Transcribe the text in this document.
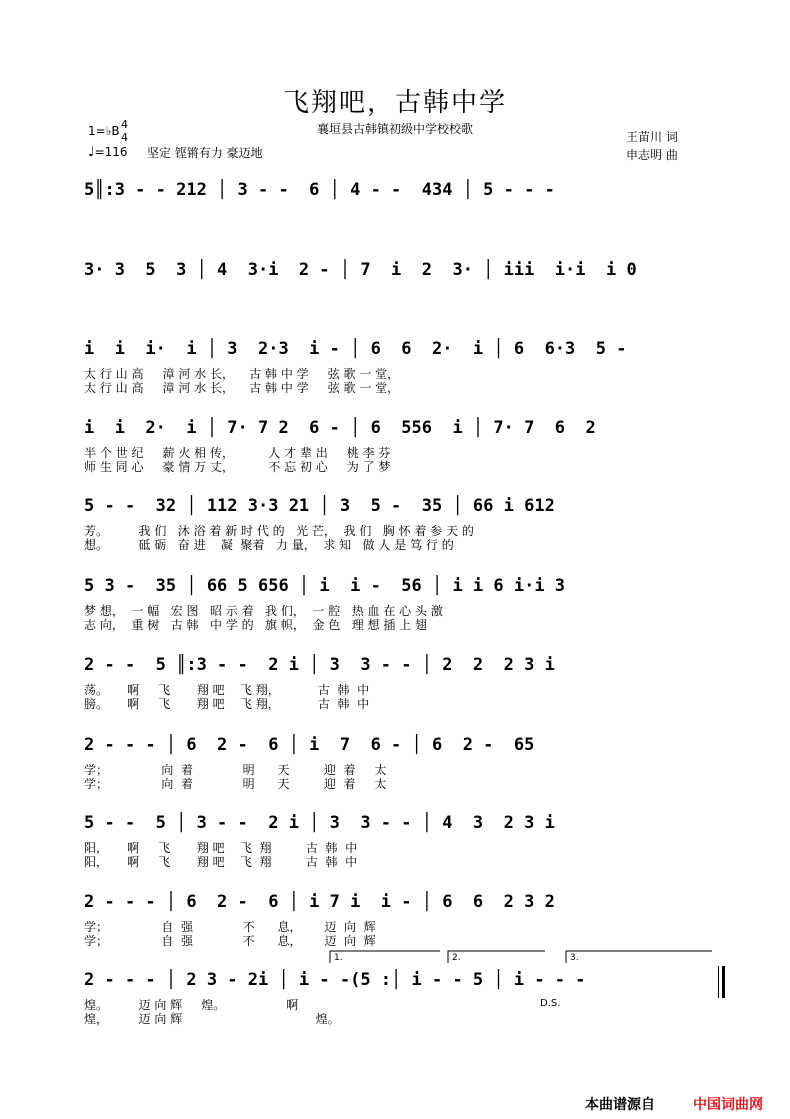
飞翔吧，古韩中学
襄垣县古韩镇初级中学校校歌
王苗川 词
申志明 曲
1=♭B 4
4
♩=116 坚定 铿锵有力 豪迈地
5║:3 - - 212 │ 3 - -  6 │ 4 - -  434 │ 5 - - -
3· 3  5  3 │ 4  3·i  2 - │ 7  i  2  3· │ iii  i·i  i 0
i  i  i·  i │ 3  2·3  i - │ 6  6  2·  i │ 6  6·3  5 -
太 行 山 高     漳 河 水 长，    古 韩 中 学     弦 歌 一 堂，
太 行 山 高     漳 河 水 长，    古 韩 中 学     弦 歌 一 堂，
i  i  2·  i │ 7· 7 2  6 - │ 6  556  i │ 7· 7  6  2
半 个 世 纪     薪 火 相 传，         人 才 辈 出     桃 李 芬
师 生 同 心     豪 情 万 丈，         不 忘 初 心     为 了 梦
5 - -  32 │ 112 3·3 21 │ 3  5 -  35 │ 66 i 612
芳。        我 们   沐 浴 着 新 时 代 的   光 芒，  我 们   胸 怀 着 参 天 的
想。        砥 砺   奋 进    凝  聚着   力 量，  求 知   做 人 是 笃 行 的
5 3 -  35 │ 66 5 656 │ i  i -  56 │ i i 6 i·i 3
梦 想，  一 幅   宏 图   昭 示 着   我 们，  一 腔   热 血 在 心 头 激
志 向，  重 树   古 韩   中 学 的   旗 帜，  金 色   理 想 插 上 翅
2 - -  5 ║:3 - -  2 i │ 3  3 - - │ 2  2  2 3 i
荡。     啊     飞       翔 吧    飞 翔，          古  韩  中
膀。     啊     飞       翔 吧    飞 翔，          古  韩  中
2 - - - │ 6  2 -  6 │ i  7  6 - │ 6  2 -  65
学；              向  着             明      天         迎  着     太
学；              向  着             明      天         迎  着     太
5 - -  5 │ 3 - -  2 i │ 3  3 - - │ 4  3  2 3 i
阳，     啊     飞       翔 吧    飞  翔         古  韩  中
阳，     啊     飞       翔 吧    飞  翔         古  韩  中
2 - - - │ 6  2 -  6 │ i 7 i  i - │ 6  6  2 3 2
学；              自  强             不      息，      迈  向  辉
学；              自  强             不      息，      迈  向  辉
2 - - - │ 2 3 - 2i │ i - -(5 :│ i - - 5 │ i - - -
煌。        迈 向 辉     煌。                啊
煌，        迈 向 辉                                   煌。
1.	2.	3.
D.S.
本曲谱源自	中国词曲网
